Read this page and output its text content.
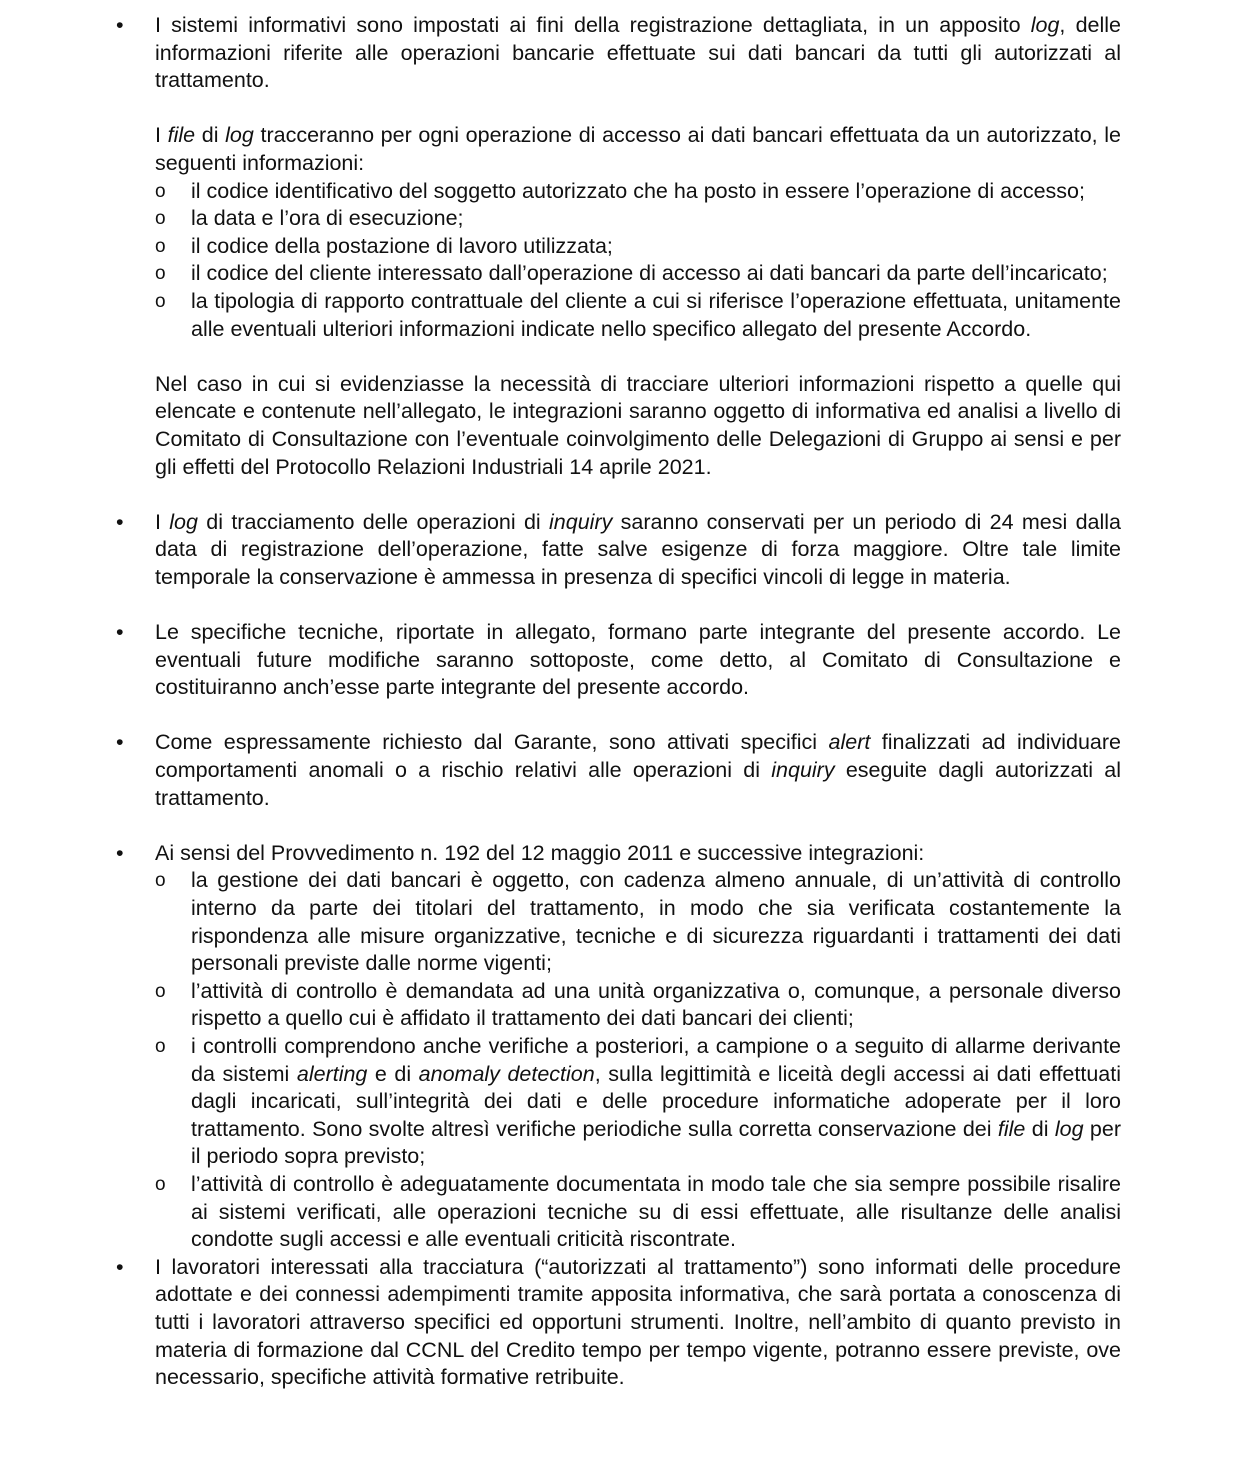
•

I sistemi informativi sono impostati ai fini della registrazione dettagliata, in un apposito log, delle informazioni riferite alle operazioni bancarie effettuate sui dati bancari da tutti gli autorizzati al trattamento.

I file di log tracceranno per ogni operazione di accesso ai dati bancari effettuata da un autorizzato, le seguenti informazioni:

o
il codice identificativo del soggetto autorizzato che ha posto in essere l’operazione di accesso;
o
la data e l’ora di esecuzione;
o
il codice della postazione di lavoro utilizzata;
o
il codice del cliente interessato dall’operazione di accesso ai dati bancari da parte dell’incaricato;
o
la tipologia di rapporto contrattuale del cliente a cui si riferisce l’operazione effettuata, unitamente alle eventuali ulteriori informazioni indicate nello specifico allegato del presente Accordo.

Nel caso in cui si evidenziasse la necessità di tracciare ulteriori informazioni rispetto a quelle qui elencate e contenute nell’allegato, le integrazioni saranno oggetto di informativa ed analisi a livello di Comitato di Consultazione con l’eventuale coinvolgimento delle Delegazioni di Gruppo ai sensi e per gli effetti del Protocollo Relazioni Industriali 14 aprile 2021.

•

I log di tracciamento delle operazioni di inquiry saranno conservati per un periodo di 24 mesi dalla data di registrazione dell’operazione, fatte salve esigenze di forza maggiore. Oltre tale limite temporale la conservazione è ammessa in presenza di specifici vincoli di legge in materia.

•

Le specifiche tecniche, riportate in allegato, formano parte integrante del presente accordo. Le eventuali future modifiche saranno sottoposte, come detto, al Comitato di Consultazione e costituiranno anch’esse parte integrante del presente accordo.

•

Come espressamente richiesto dal Garante, sono attivati specifici alert finalizzati ad individuare comportamenti anomali o a rischio relativi alle operazioni di inquiry eseguite dagli autorizzati al trattamento.

•

Ai sensi del Provvedimento n. 192 del 12 maggio 2011 e successive integrazioni:

o
la gestione dei dati bancari è oggetto, con cadenza almeno annuale, di un’attività di controllo interno da parte dei titolari del trattamento, in modo che sia verificata costantemente la rispondenza alle misure organizzative, tecniche e di sicurezza riguardanti i trattamenti dei dati personali previste dalle norme vigenti;
o
l’attività di controllo è demandata ad una unità organizzativa o, comunque, a personale diverso rispetto a quello cui è affidato il trattamento dei dati bancari dei clienti;
o
i controlli comprendono anche verifiche a posteriori, a campione o a seguito di allarme derivante da sistemi alerting e di anomaly detection, sulla legittimità e liceità degli accessi ai dati effettuati dagli incaricati, sull’integrità dei dati e delle procedure informatiche adoperate per il loro trattamento. Sono svolte altresì verifiche periodiche sulla corretta conservazione dei file di log per il periodo sopra previsto;
o
l’attività di controllo è adeguatamente documentata in modo tale che sia sempre possibile risalire ai sistemi verificati, alle operazioni tecniche su di essi effettuate, alle risultanze delle analisi condotte sugli accessi e alle eventuali criticità riscontrate.
•

I lavoratori interessati alla tracciatura (“autorizzati al trattamento”) sono informati delle procedure adottate e dei connessi adempimenti tramite apposita informativa, che sarà portata a conoscenza di tutti i lavoratori attraverso specifici ed opportuni strumenti. Inoltre, nell’ambito di quanto previsto in materia di formazione dal CCNL del Credito tempo per tempo vigente, potranno essere previste, ove necessario, specifiche attività formative retribuite.
